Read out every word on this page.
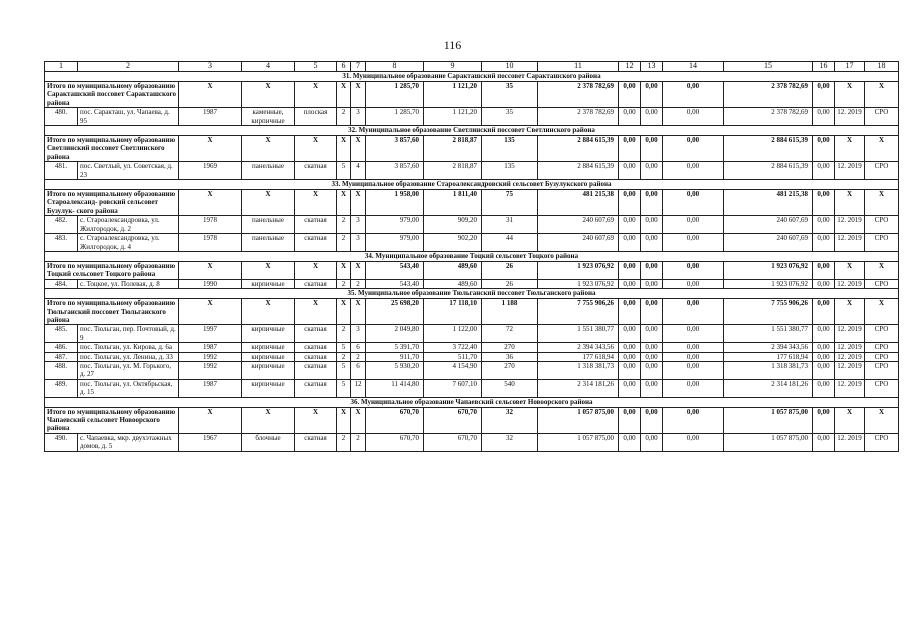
116
1	2	3	4	5	6	7	8	9	10	11	12	13	14	15	16	17	18
31. Муниципальное образование Саракташский поссовет Саракташского района																	
Итого по муниципальному образованию Саракташский поссовет Саракташского района		X	X	X	X	X	1 285,70	1 121,20	35	2 378 782,69	0,00	0,00	0,00	2 378 782,69	0,00	X	X
480.	пос. Саракташ, ул. Чапаева, д. 95	1987	каменные, кирпичные	плоская	2	3	1 285,70	1 121,20	35	2 378 782,69	0,00	0,00	0,00	2 378 782,69	0,00	12. 2019	СРО
32. Муниципальное образование Светлинский поссовет Светлинского района																	
Итого по муниципальному образованию Светлинский поссовет Светлинского района		X	X	X	X	X	3 857,60	2 818,87	135	2 884 615,39	0,00	0,00	0,00	2 884 615,39	0,00	X	X
481.	пос. Светлый, ул. Советская, д. 23	1969	панельные	скатная	5	4	3 857,60	2 818,87	135	2 884 615,39	0,00	0,00	0,00	2 884 615,39	0,00	12. 2019	СРО
33. Муниципальное образование Староалександровский сельсовет Бузулукского района																	
Итого по муниципальному образованию Староалександ- ровский сельсовет Бузулук- ского района		X	X	X	X	X	1 958,00	1 811,40	75	481 215,38	0,00	0,00	0,00	481 215,38	0,00	X	X
482.	с. Староалександровка, ул. Жилгородок, д. 2	1978	панельные	скатная	2	3	979,00	909,20	31	240 607,69	0,00	0,00	0,00	240 607,69	0,00	12. 2019	СРО
483.	с. Староалександровка, ул. Жилгородок, д. 4	1978	панельные	скатная	2	3	979,00	902,20	44	240 607,69	0,00	0,00	0,00	240 607,69	0,00	12. 2019	СРО
34. Муниципальное образование Тоцкий сельсовет Тоцкого района																	
Итого по муниципальному образованию Тоцкий сельсовет Тоцкого района		X	X	X	X	X	543,40	489,60	26	1 923 076,92	0,00	0,00	0,00	1 923 076,92	0,00	X	X
484.	с. Тоцкое, ул. Полевая, д. 8	1990	кирпичные	скатная	2	2	543,40	489,60	26	1 923 076,92	0,00	0,00	0,00	1 923 076,92	0,00	12. 2019	СРО
35. Муниципальное образование Тюльганский поссовет Тюльганского района																	
Итого по муниципальному образованию Тюльганский поссовет Тюльганского района		X	X	X	X	X	25 698,20	17 118,10	1 188	7 755 906,26	0,00	0,00	0,00	7 755 906,26	0,00	X	X
485.	пос. Тюльган, пер. Почтовый, д. 9	1997	кирпичные	скатная	2	3	2 049,80	1 122,00	72	1 551 380,77	0,00	0,00	0,00	1 551 380,77	0,00	12. 2019	СРО
486.	пос. Тюльган, ул. Кирова, д. 6а	1987	кирпичные	скатная	5	6	5 391,70	3 722,40	270	2 394 343,56	0,00	0,00	0,00	2 394 343,56	0,00	12. 2019	СРО
487.	пос. Тюльган, ул. Ленина, д. 33	1992	кирпичные	скатная	2	2	911,70	511,70	36	177 618,94	0,00	0,00	0,00	177 618,94	0,00	12. 2019	СРО
488.	пос. Тюльган, ул. М. Горького, д. 27	1992	кирпичные	скатная	5	6	5 930,20	4 154,90	270	1 318 381,73	0,00	0,00	0,00	1 318 381,73	0,00	12. 2019	СРО
489.	пос. Тюльган, ул. Октябрьская, д. 15	1987	кирпичные	скатная	5	12	11 414,80	7 607,10	540	2 314 181,26	0,00	0,00	0,00	2 314 181,26	0,00	12. 2019	СРО
36. Муниципальное образование Чапаевский сельсовет Новоорского района																	
Итого по муниципальному образованию Чапаевский сельсовет Новоорского района		X	X	X	X	X	670,70	670,70	32	1 057 875,00	0,00	0,00	0,00	1 057 875,00	0,00	X	X
490.	с. Чапаевка, мкр. двухэтажных домов, д. 5	1967	блочные	скатная	2	2	670,70	670,70	32	1 057 875,00	0,00	0,00	0,00	1 057 875,00	0,00	12. 2019	СРО
